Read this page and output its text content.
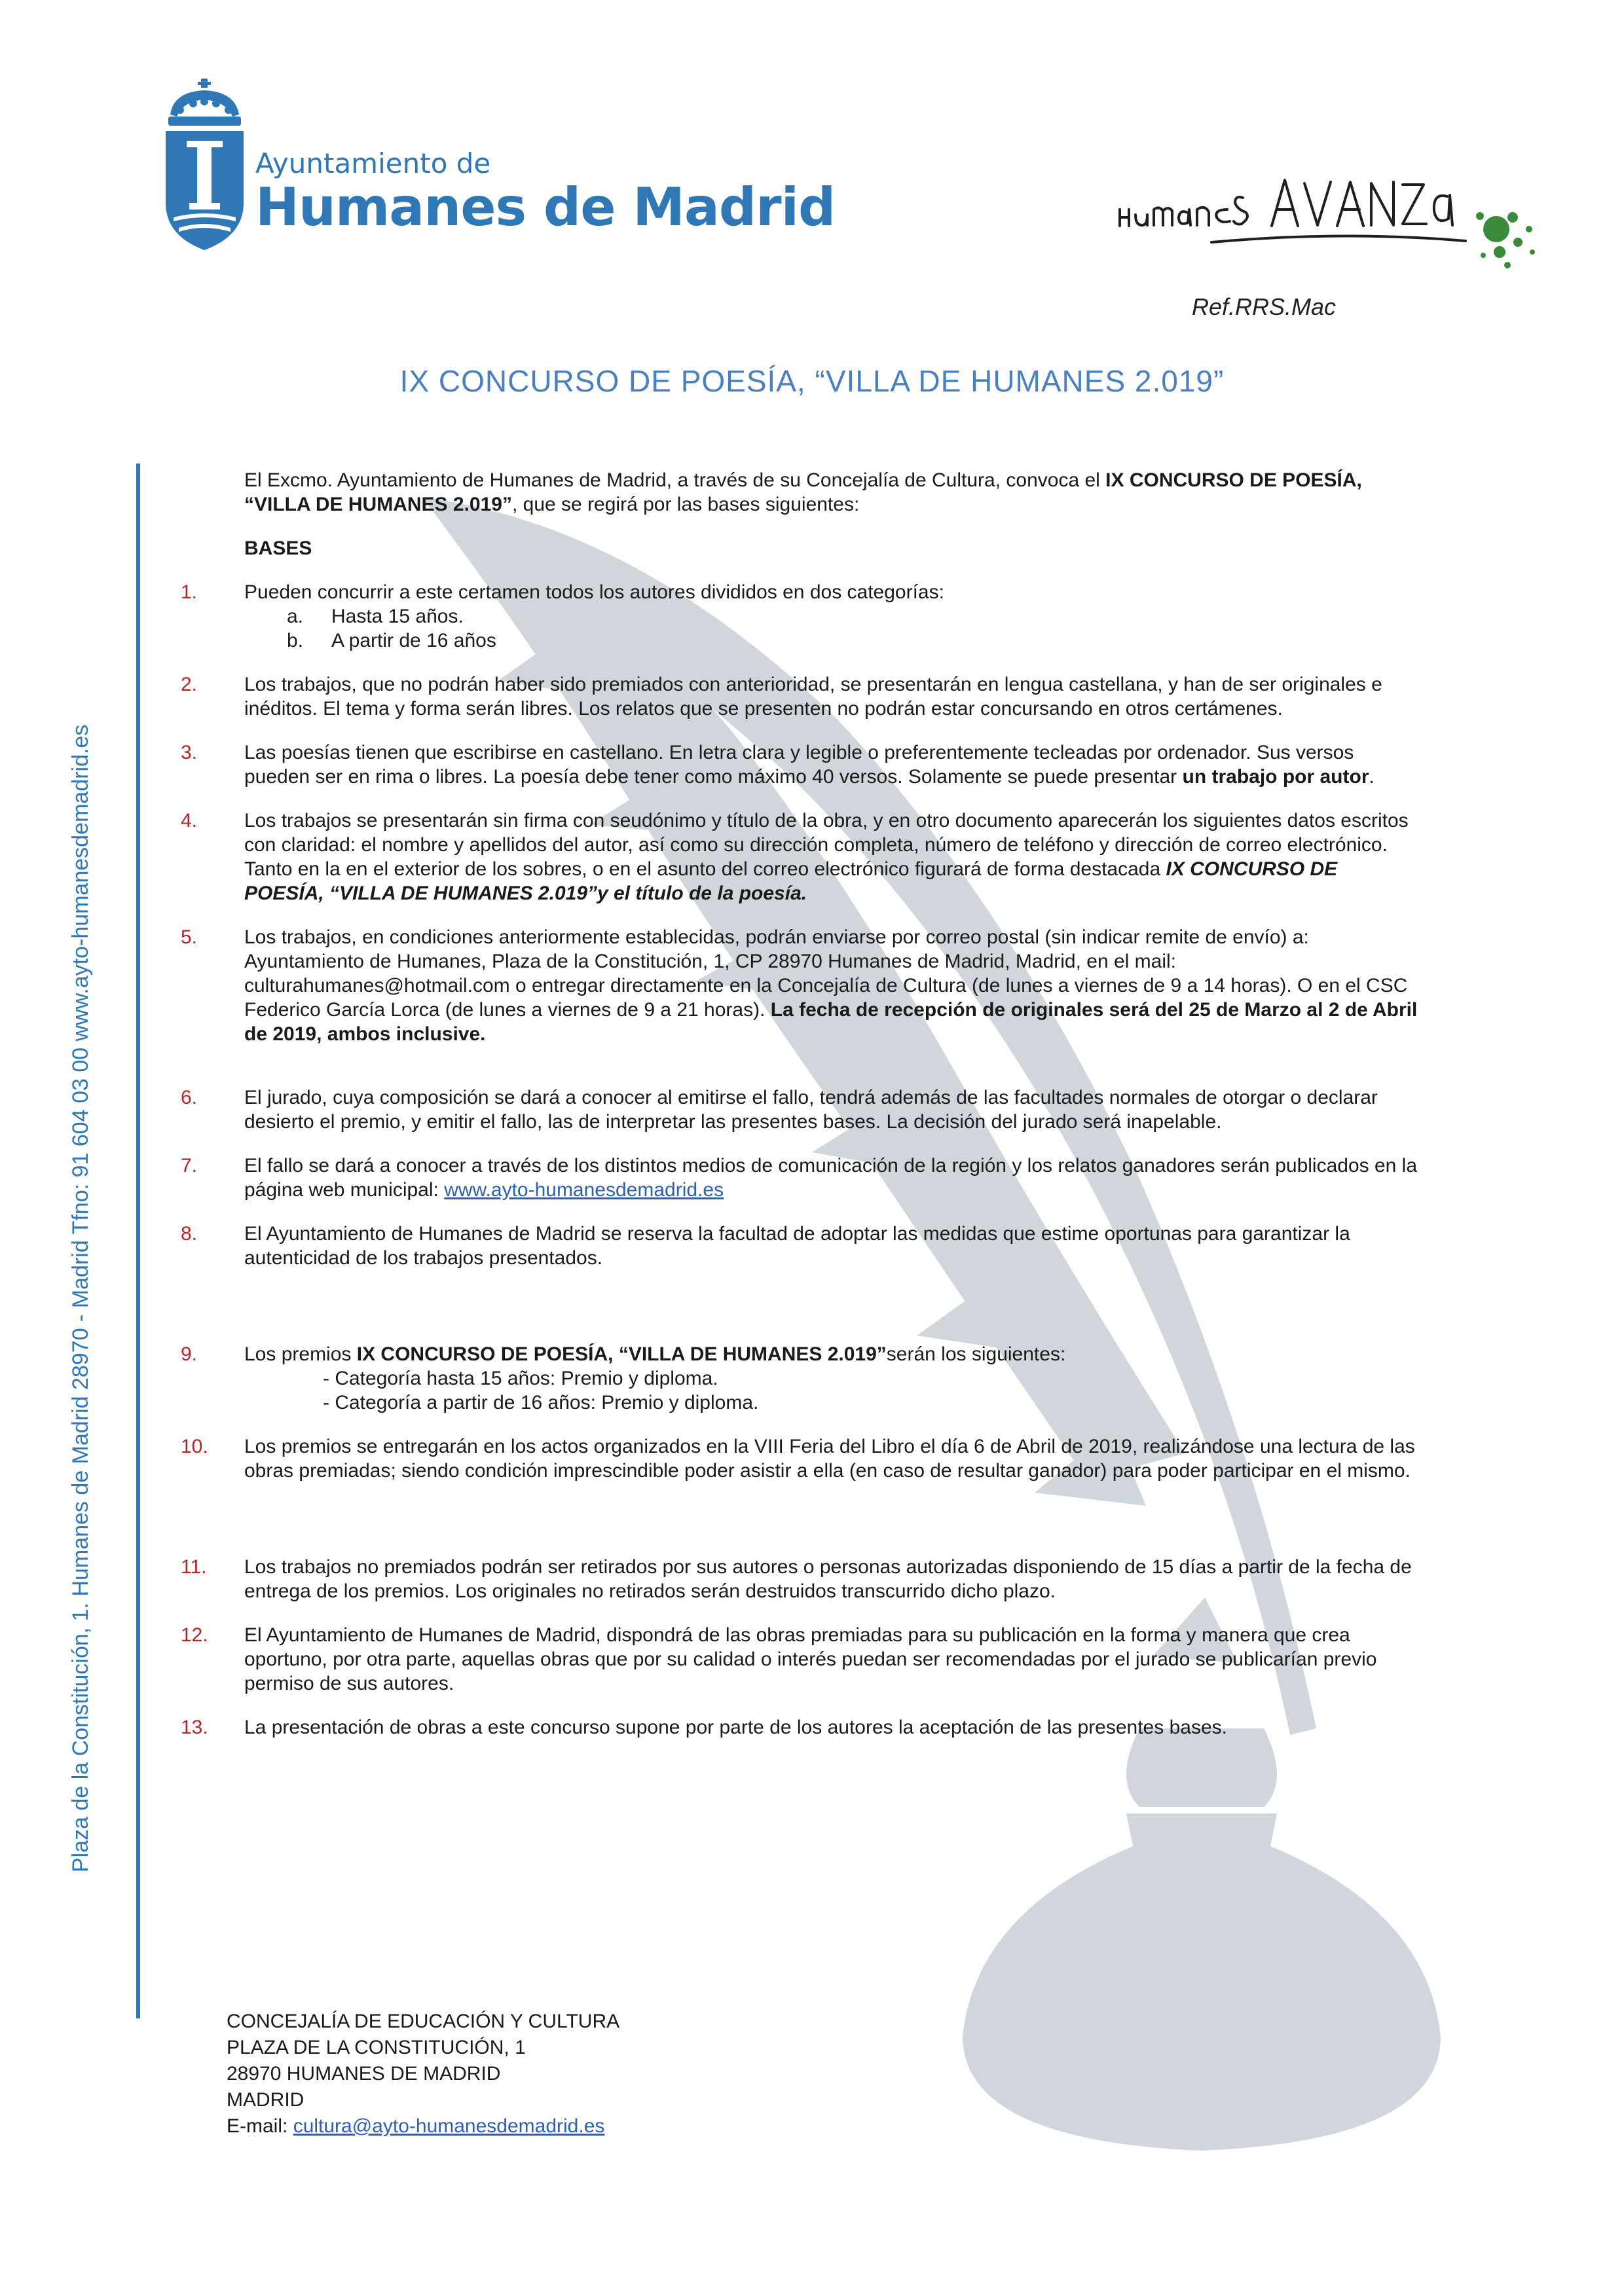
Ayuntamiento de
Humanes de Madrid
Ref.RRS.Mac
IX CONCURSO DE POESÍA, “VILLA DE HUMANES 2.019”
Plaza de la Constitución, 1. Humanes de Madrid 28970 - Madrid Tfno: 91 604 03 00 www.ayto-humanesdemadrid.es

El Excmo. Ayuntamiento de Humanes de Madrid, a través de su Concejalía de Cultura, convoca el IX CONCURSO DE POESÍA, “VILLA DE HUMANES 2.019”, que se regirá por las bases siguientes:

BASES

1. Pueden concurrir a este certamen todos los autores divididos en dos categorías:
a. Hasta 15 años.
b. A partir de 16 años
2. Los trabajos, que no podrán haber sido premiados con anterioridad, se presentarán en lengua castellana, y han de ser originales e inéditos. El tema y forma serán libres. Los relatos que se presenten no podrán estar concursando en otros certámenes.
3. Las poesías tienen que escribirse en castellano. En letra clara y legible o preferentemente tecleadas por ordenador. Sus versos pueden ser en rima o libres. La poesía debe tener como máximo 40 versos. Solamente se puede presentar un trabajo por autor.
4. Los trabajos se presentarán sin firma con seudónimo y título de la obra, y en otro documento aparecerán los siguientes datos escritos con claridad: el nombre y apellidos del autor, así como su dirección completa, número de teléfono y dirección de correo electrónico. Tanto en la en el exterior de los sobres, o en el asunto del correo electrónico figurará de forma destacada IX CONCURSO DE POESÍA, “VILLA DE HUMANES 2.019”y el título de la poesía.
5. Los trabajos, en condiciones anteriormente establecidas, podrán enviarse por correo postal (sin indicar remite de envío) a: Ayuntamiento de Humanes, Plaza de la Constitución, 1, CP 28970 Humanes de Madrid, Madrid, en el mail: culturahumanes@hotmail.com o entregar directamente en la Concejalía de Cultura (de lunes a viernes de 9 a 14 horas). O en el CSC Federico García Lorca (de lunes a viernes de 9 a 21 horas). La fecha de recepción de originales será del 25 de Marzo al 2 de Abril de 2019, ambos inclusive.
6. El jurado, cuya composición se dará a conocer al emitirse el fallo, tendrá además de las facultades normales de otorgar o declarar desierto el premio, y emitir el fallo, las de interpretar las presentes bases. La decisión del jurado será inapelable.
7. El fallo se dará a conocer a través de los distintos medios de comunicación de la región y los relatos ganadores serán publicados en la página web municipal: www.ayto-humanesdemadrid.es
8. El Ayuntamiento de Humanes de Madrid se reserva la facultad de adoptar las medidas que estime oportunas para garantizar la autenticidad de los trabajos presentados.
9. Los premios IX CONCURSO DE POESÍA, “VILLA DE HUMANES 2.019”serán los siguientes:
- Categoría hasta 15 años: Premio y diploma.
- Categoría a partir de 16 años: Premio y diploma.
10. Los premios se entregarán en los actos organizados en la VIII Feria del Libro el día 6 de Abril de 2019, realizándose una lectura de las obras premiadas; siendo condición imprescindible poder asistir a ella (en caso de resultar ganador) para poder participar en el mismo.
11. Los trabajos no premiados podrán ser retirados por sus autores o personas autorizadas disponiendo de 15 días a partir de la fecha de entrega de los premios. Los originales no retirados serán destruidos transcurrido dicho plazo.
12. El Ayuntamiento de Humanes de Madrid, dispondrá de las obras premiadas para su publicación en la forma y manera que crea oportuno, por otra parte, aquellas obras que por su calidad o interés puedan ser recomendadas por el jurado se publicarían previo permiso de sus autores.
13. La presentación de obras a este concurso supone por parte de los autores la aceptación de las presentes bases.
CONCEJALÍA DE EDUCACIÓN Y CULTURA
PLAZA DE LA CONSTITUCIÓN, 1
28970 HUMANES DE MADRID
MADRID
E-mail: cultura@ayto-humanesdemadrid.es
